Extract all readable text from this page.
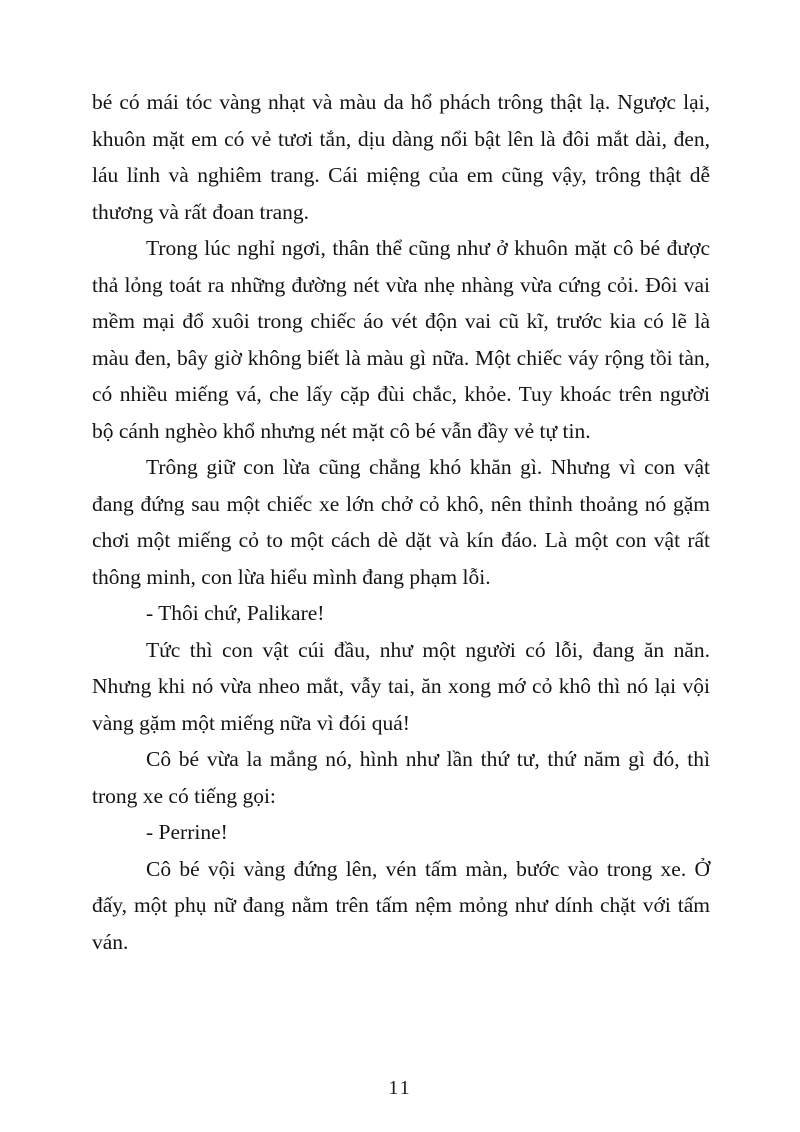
bé có mái tóc vàng nhạt và màu da hổ phách trông thật lạ. Ngược lại, khuôn mặt em có vẻ tươi tắn, dịu dàng nổi bật lên là đôi mắt dài, đen, láu lỉnh và nghiêm trang. Cái miệng của em cũng vậy, trông thật dễ thương và rất đoan trang.

Trong lúc nghỉ ngơi, thân thể cũng như ở khuôn mặt cô bé được thả lỏng toát ra những đường nét vừa nhẹ nhàng vừa cứng cỏi. Đôi vai mềm mại đổ xuôi trong chiếc áo vét độn vai cũ kĩ, trước kia có lẽ là màu đen, bây giờ không biết là màu gì nữa. Một chiếc váy rộng tồi tàn, có nhiều miếng vá, che lấy cặp đùi chắc, khỏe. Tuy khoác trên người bộ cánh nghèo khổ nhưng nét mặt cô bé vẫn đầy vẻ tự tin.

Trông giữ con lừa cũng chẳng khó khăn gì. Nhưng vì con vật đang đứng sau một chiếc xe lớn chở cỏ khô, nên thỉnh thoảng nó gặm chơi một miếng cỏ to một cách dè dặt và kín đáo. Là một con vật rất thông minh, con lừa hiểu mình đang phạm lỗi.

- Thôi chứ, Palikare!

Tức thì con vật cúi đầu, như một người có lỗi, đang ăn năn. Nhưng khi nó vừa nheo mắt, vẫy tai, ăn xong mớ cỏ khô thì nó lại vội vàng gặm một miếng nữa vì đói quá!

Cô bé vừa la mắng nó, hình như lần thứ tư, thứ năm gì đó, thì trong xe có tiếng gọi:

- Perrine!

Cô bé vội vàng đứng lên, vén tấm màn, bước vào trong xe. Ở đấy, một phụ nữ đang nằm trên tấm nệm mỏng như dính chặt với tấm ván.

11
